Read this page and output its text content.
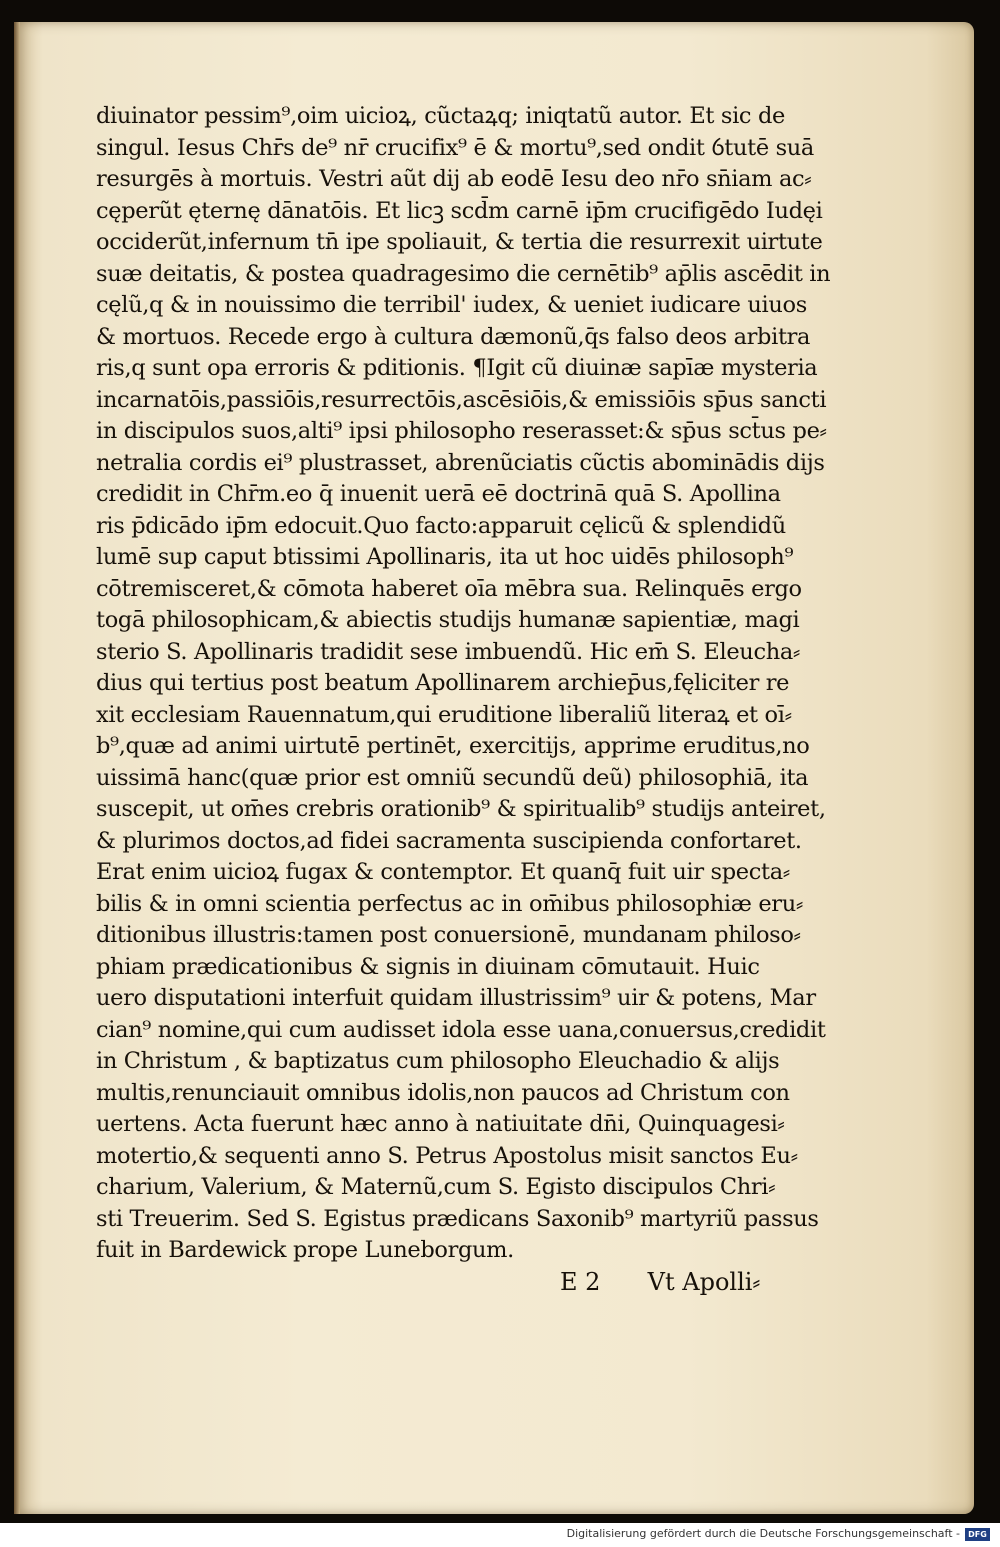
diuinator pessim⁹,oim uicioꝝ, cũctaꝝq; iniqtatũ autor. Et sic de
singul. Iesus Chr̄s de⁹ nr̄ crucifix⁹ ē & mortu⁹,sed ondit ỽtutē suā
resurgēs à mortuis. Vestri aũt dij ab eodē Iesu deo nr̄o sn̄iam ac⸗
cęperũt ęternę dānatōis. Et licꝫ scd̄m carnē ip̄m crucifigēdo Iudęi
occiderũt,infernum tn̄ ipe spoliauit, & tertia die resurrexit uirtute
suæ deitatis, & postea quadragesimo die cernētib⁹ ap̄lis ascēdit in
cęlũ,q & in nouissimo die terribil' iudex, & ueniet iudicare uiuos
& mortuos. Recede ergo à cultura dæmonũ,q̄s falso deos arbitra
ris,q sunt opa erroris & pditionis. ¶Igit cũ diuinæ sapīæ mysteria
incarnatōis,passiōis,resurrectōis,ascēsiōis,& emissiōis sp̄us sancti
in discipulos suos,alti⁹ ipsi philosopho reserasset:& sp̄us sct̄us pe⸗
netralia cordis ei⁹ plustrasset, abrenũciatis cũctis abominādis dijs
credidit in Chr̄m.eo q̄ inuenit uerā eē doctrinā quā S. Apollina
ris p̄dicādo ip̄m edocuit.Quo facto:apparuit cęlicũ & splendidũ
lumē sup caput btissimi Apollinaris, ita ut hoc uidēs philosoph⁹
cōtremisceret,& cōmota haberet oīa mēbra sua. Relinquēs ergo
togā philosophicam,& abiectis studijs humanæ sapientiæ, magi
sterio S. Apollinaris tradidit sese imbuendũ. Hic em̄ S. Eleucha⸗
dius qui tertius post beatum Apollinarem archiep̄us,fęliciter re
xit ecclesiam Rauennatum,qui eruditione liberaliũ literaꝝ et oī⸗
b⁹,quæ ad animi uirtutē pertinēt, exercitijs, apprime eruditus,no
uissimā hanc(quæ prior est omniũ secundũ deũ) philosophiā, ita
suscepit, ut om̄es crebris orationib⁹ & spiritualib⁹ studijs anteiret,
& plurimos doctos,ad fidei sacramenta suscipienda confortaret.
Erat enim uicioꝝ fugax & contemptor. Et quanq̄ fuit uir specta⸗
bilis & in omni scientia perfectus ac in om̄ibus philosophiæ eru⸗
ditionibus illustris:tamen post conuersionē, mundanam philoso⸗
phiam prædicationibus & signis in diuinam cōmutauit. Huic
uero disputationi interfuit quidam illustrissim⁹ uir & potens, Mar
cian⁹ nomine,qui cum audisset idola esse uana,conuersus,credidit
in Christum , & baptizatus cum philosopho Eleuchadio & alijs
multis,renunciauit omnibus idolis,non paucos ad Christum con
uertens. Acta fuerunt hæc anno à natiuitate dn̄i, Quinquagesi⸗
motertio,& sequenti anno S. Petrus Apostolus misit sanctos Eu⸗
charium, Valerium, & Maternũ,cum S. Egisto discipulos Chri⸗
sti Treuerim. Sed S. Egistus prædicans Saxonib⁹ martyriũ passus
fuit in Bardewick prope Luneborgum.
E 2 Vt Apolli⸗
Digitalisierung gefördert durch die Deutsche Forschungsgemeinschaft -	DFG
